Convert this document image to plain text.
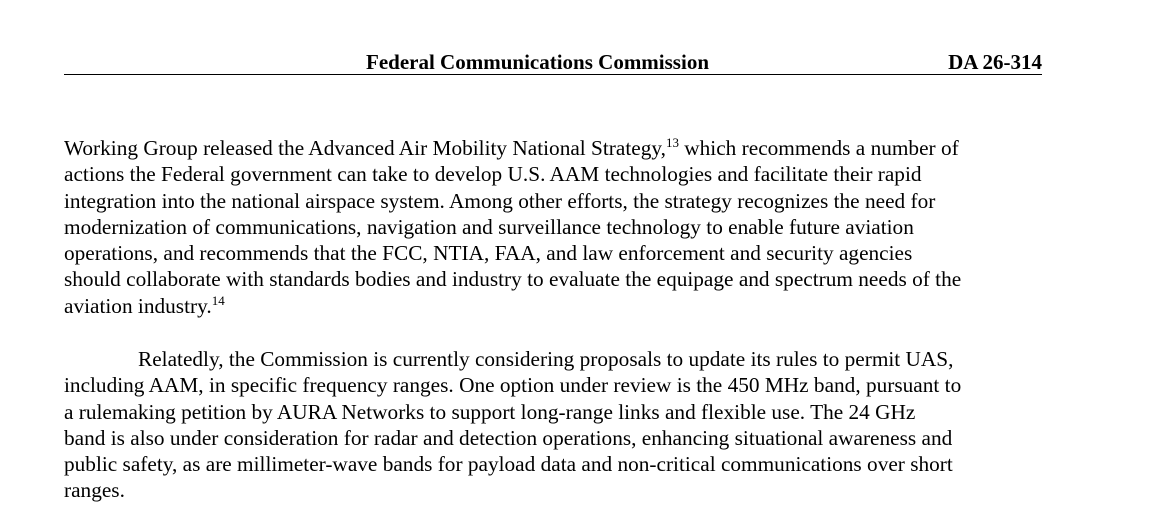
Federal Communications Commission	DA 26-314
Working Group released the Advanced Air Mobility National Strategy,$^{13}$ which recommends a number of
actions the Federal government can take to develop U.S. AAM technologies and facilitate their rapid
integration into the national airspace system. Among other efforts, the strategy recognizes the need for
modernization of communications, navigation and surveillance technology to enable future aviation
operations, and recommends that the FCC, NTIA, FAA, and law enforcement and security agencies
should collaborate with standards bodies and industry to evaluate the equipage and spectrum needs of the
aviation industry.$^{14}$
Relatedly, the Commission is currently considering proposals to update its rules to permit UAS,
including AAM, in specific frequency ranges. One option under review is the 450 MHz band, pursuant to
a rulemaking petition by AURA Networks to support long-range links and flexible use. The 24 GHz
band is also under consideration for radar and detection operations, enhancing situational awareness and
public safety, as are millimeter-wave bands for payload data and non-critical communications over short
ranges.
